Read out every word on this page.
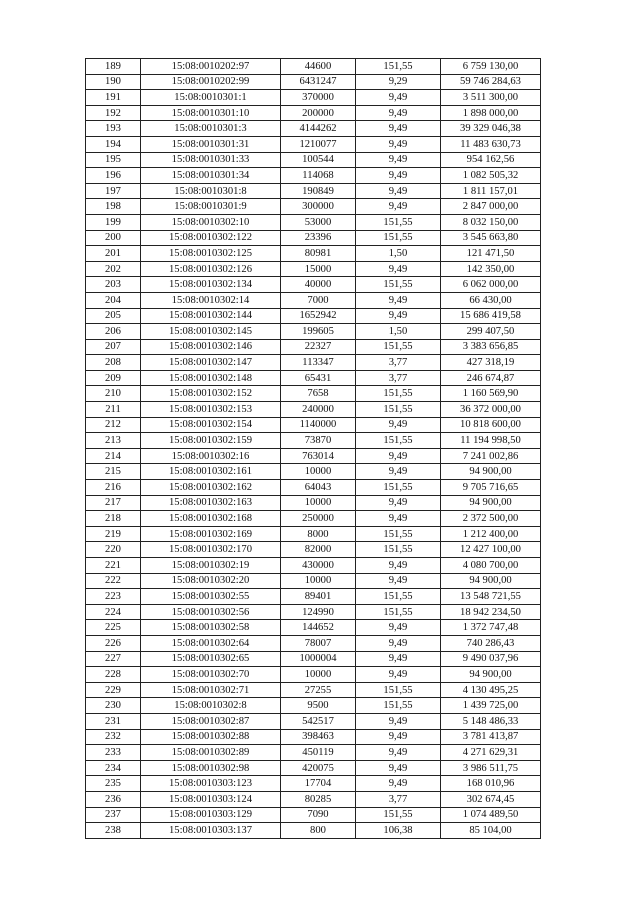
189	15:08:0010202:97	44600	151,55	6 759 130,00
190	15:08:0010202:99	6431247	9,29	59 746 284,63
191	15:08:0010301:1	370000	9,49	3 511 300,00
192	15:08:0010301:10	200000	9,49	1 898 000,00
193	15:08:0010301:3	4144262	9,49	39 329 046,38
194	15:08:0010301:31	1210077	9,49	11 483 630,73
195	15:08:0010301:33	100544	9,49	954 162,56
196	15:08:0010301:34	114068	9,49	1 082 505,32
197	15:08:0010301:8	190849	9,49	1 811 157,01
198	15:08:0010301:9	300000	9,49	2 847 000,00
199	15:08:0010302:10	53000	151,55	8 032 150,00
200	15:08:0010302:122	23396	151,55	3 545 663,80
201	15:08:0010302:125	80981	1,50	121 471,50
202	15:08:0010302:126	15000	9,49	142 350,00
203	15:08:0010302:134	40000	151,55	6 062 000,00
204	15:08:0010302:14	7000	9,49	66 430,00
205	15:08:0010302:144	1652942	9,49	15 686 419,58
206	15:08:0010302:145	199605	1,50	299 407,50
207	15:08:0010302:146	22327	151,55	3 383 656,85
208	15:08:0010302:147	113347	3,77	427 318,19
209	15:08:0010302:148	65431	3,77	246 674,87
210	15:08:0010302:152	7658	151,55	1 160 569,90
211	15:08:0010302:153	240000	151,55	36 372 000,00
212	15:08:0010302:154	1140000	9,49	10 818 600,00
213	15:08:0010302:159	73870	151,55	11 194 998,50
214	15:08:0010302:16	763014	9,49	7 241 002,86
215	15:08:0010302:161	10000	9,49	94 900,00
216	15:08:0010302:162	64043	151,55	9 705 716,65
217	15:08:0010302:163	10000	9,49	94 900,00
218	15:08:0010302:168	250000	9,49	2 372 500,00
219	15:08:0010302:169	8000	151,55	1 212 400,00
220	15:08:0010302:170	82000	151,55	12 427 100,00
221	15:08:0010302:19	430000	9,49	4 080 700,00
222	15:08:0010302:20	10000	9,49	94 900,00
223	15:08:0010302:55	89401	151,55	13 548 721,55
224	15:08:0010302:56	124990	151,55	18 942 234,50
225	15:08:0010302:58	144652	9,49	1 372 747,48
226	15:08:0010302:64	78007	9,49	740 286,43
227	15:08:0010302:65	1000004	9,49	9 490 037,96
228	15:08:0010302:70	10000	9,49	94 900,00
229	15:08:0010302:71	27255	151,55	4 130 495,25
230	15:08:0010302:8	9500	151,55	1 439 725,00
231	15:08:0010302:87	542517	9,49	5 148 486,33
232	15:08:0010302:88	398463	9,49	3 781 413,87
233	15:08:0010302:89	450119	9,49	4 271 629,31
234	15:08:0010302:98	420075	9,49	3 986 511,75
235	15:08:0010303:123	17704	9,49	168 010,96
236	15:08:0010303:124	80285	3,77	302 674,45
237	15:08:0010303:129	7090	151,55	1 074 489,50
238	15:08:0010303:137	800	106,38	85 104,00
